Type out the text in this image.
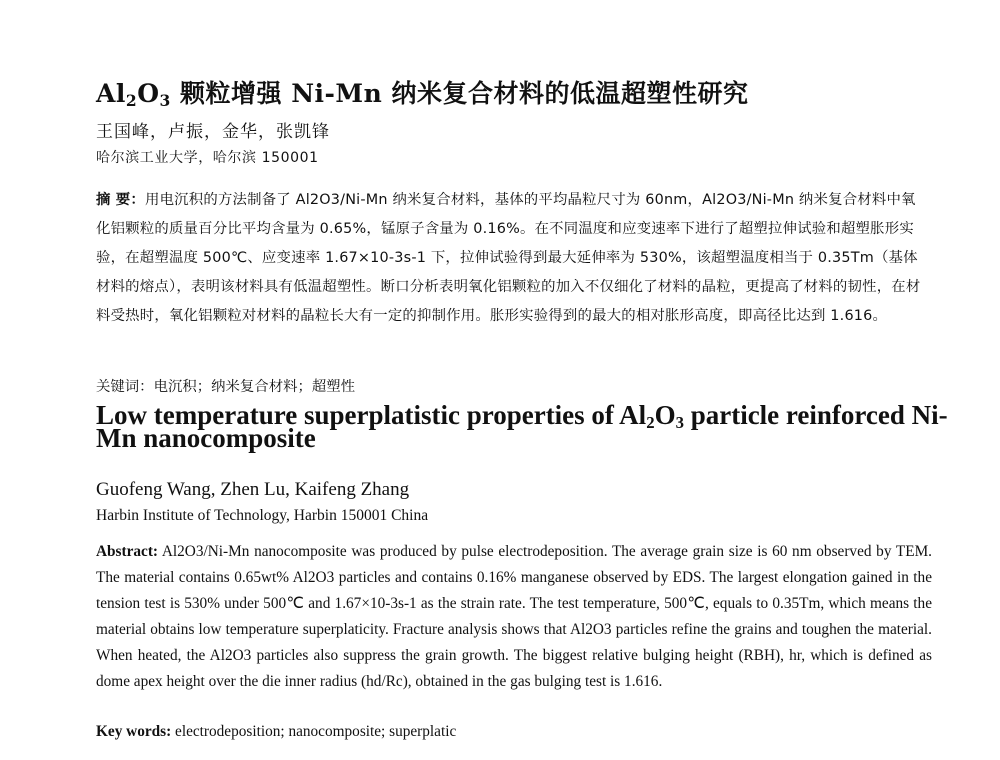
$Al_2O_3$ 颗粒增强 Ni-Mn 纳米复合材料的低温超塑性研究
王国峰，卢振，金华，张凯锋
哈尔滨工业大学，哈尔滨 150001
摘 要：用电沉积的方法制备了 Al2O3/Ni-Mn 纳米复合材料，基体的平均晶粒尺寸为 60nm，Al2O3/Ni-Mn 纳米复合材料中氧化铝颗粒的质量百分比平均含量为 0.65%，锰原子含量为 0.16%。在不同温度和应变速率下进行了超塑拉伸试验和超塑胀形实验，在超塑温度 500℃、应变速率 1.67×10-3s-1 下，拉伸试验得到最大延伸率为 530%，该超塑温度相当于 0.35Tm（基体材料的熔点），表明该材料具有低温超塑性。断口分析表明氧化铝颗粒的加入不仅细化了材料的晶粒，更提高了材料的韧性，在材料受热时，氧化铝颗粒对材料的晶粒长大有一定的抑制作用。胀形实验得到的最大的相对胀形高度，即高径比达到 1.616。
关键词：电沉积；纳米复合材料；超塑性
Low temperature superplatistic properties of $Al_2O_3$ particle reinforced Ni-Mn nanocomposite
Guofeng Wang, Zhen Lu, Kaifeng Zhang
Harbin Institute of Technology, Harbin 150001 China
Abstract: Al2O3/Ni-Mn nanocomposite was produced by pulse electrodeposition. The average grain size is 60 nm observed by TEM. The material contains 0.65wt% Al2O3 particles and contains 0.16% manganese observed by EDS. The largest elongation gained in the tension test is 530% under 500℃ and 1.67×10-3s-1 as the strain rate. The test temperature, 500℃, equals to 0.35Tm, which means the material obtains low temperature superplaticity. Fracture analysis shows that Al2O3 particles refine the grains and toughen the material. When heated, the Al2O3 particles also suppress the grain growth. The biggest relative bulging height (RBH), hr, which is defined as dome apex height over the die inner radius (hd/Rc), obtained in the gas bulging test is 1.616.
Key words: electrodeposition; nanocomposite; superplatic
